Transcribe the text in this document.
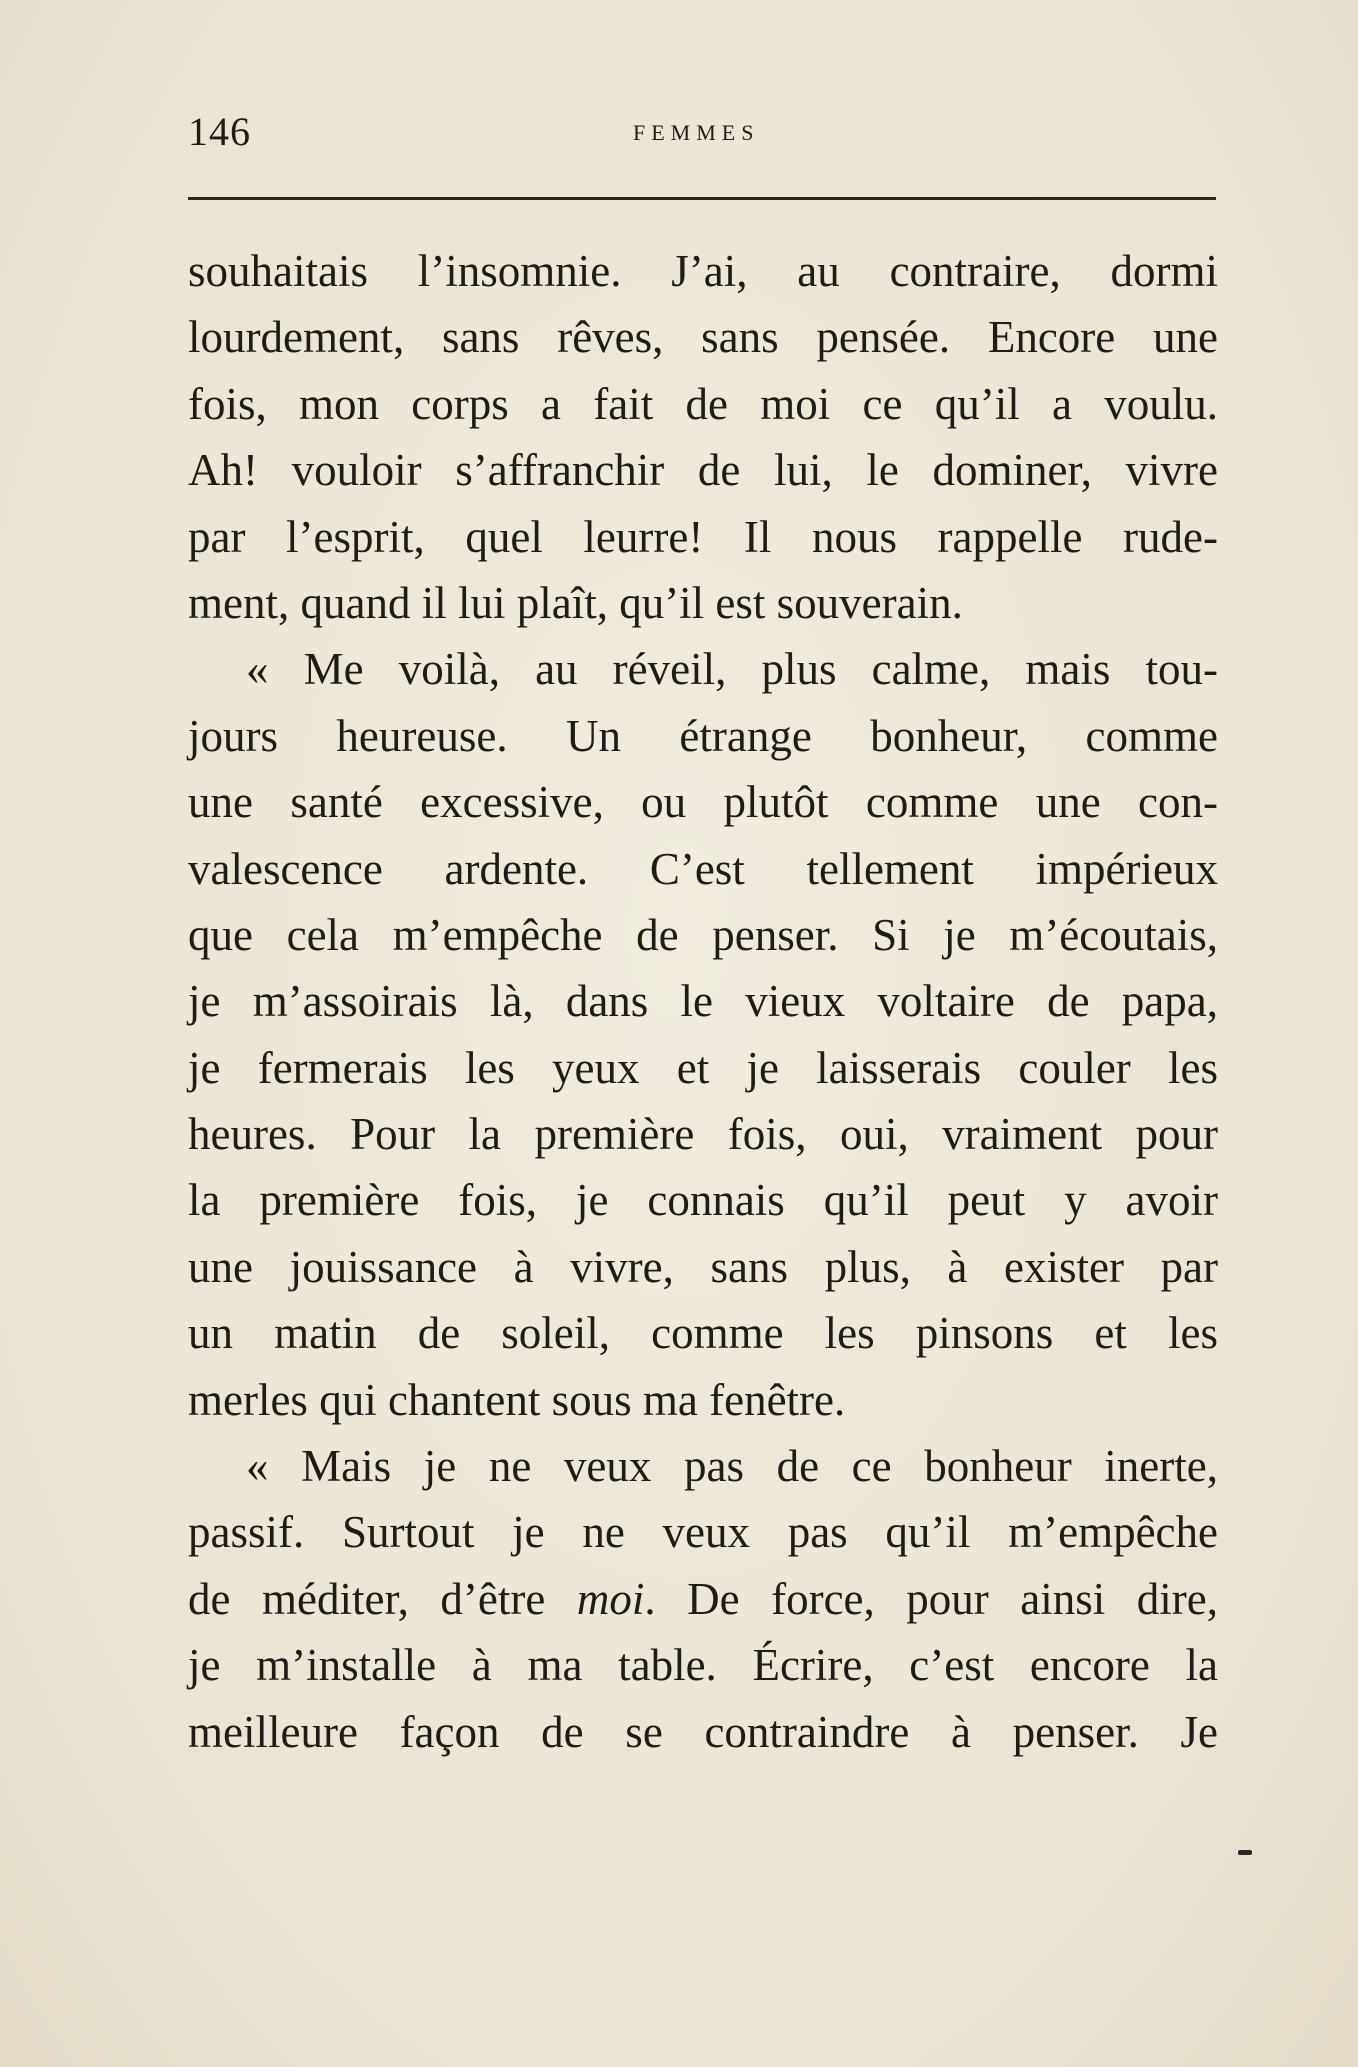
146	FEMMES
souhaitais l’insomnie. J’ai, au contraire, dormi
lourdement, sans rêves, sans pensée. Encore une
fois, mon corps a fait de moi ce qu’il a voulu.
Ah! vouloir s’affranchir de lui, le dominer, vivre
par l’esprit, quel leurre! Il nous rappelle rude-
ment, quand il lui plaît, qu’il est souverain.
« Me voilà, au réveil, plus calme, mais tou-
jours heureuse. Un étrange bonheur, comme
une santé excessive, ou plutôt comme une con-
valescence ardente. C’est tellement impérieux
que cela m’empêche de penser. Si je m’écoutais,
je m’assoirais là, dans le vieux voltaire de papa,
je fermerais les yeux et je laisserais couler les
heures. Pour la première fois, oui, vraiment pour
la première fois, je connais qu’il peut y avoir
une jouissance à vivre, sans plus, à exister par
un matin de soleil, comme les pinsons et les
merles qui chantent sous ma fenêtre.
« Mais je ne veux pas de ce bonheur inerte,
passif. Surtout je ne veux pas qu’il m’empêche
de méditer, d’être moi. De force, pour ainsi dire,
je m’installe à ma table. Écrire, c’est encore la
meilleure façon de se contraindre à penser. Je
